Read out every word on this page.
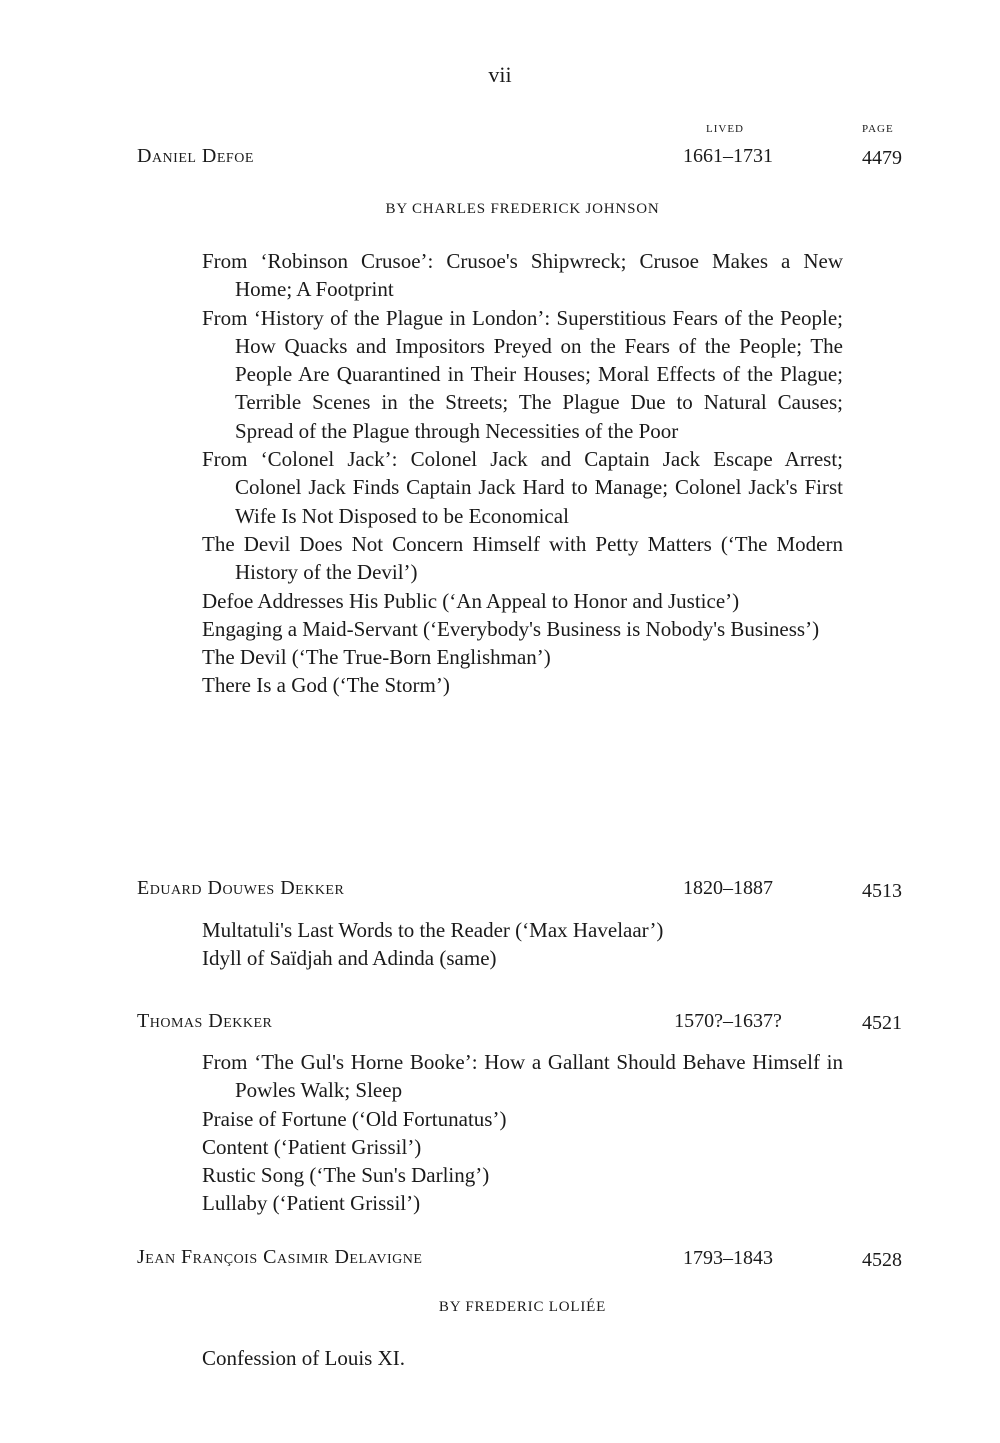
vii
LIVED	PAGE
Daniel Defoe	1661–1731	4479
BY CHARLES FREDERICK JOHNSON
From ‘Robinson Crusoe’: Crusoe's Shipwreck; Crusoe Makes a New Home; A Footprint
From ‘History of the Plague in London’: Superstitious Fears of the People; How Quacks and Impositors Preyed on the Fears of the People; The People Are Quarantined in Their Houses; Moral Effects of the Plague; Terrible Scenes in the Streets; The Plague Due to Natural Causes; Spread of the Plague through Necessities of the Poor
From ‘Colonel Jack’: Colonel Jack and Captain Jack Escape Arrest; Colonel Jack Finds Captain Jack Hard to Manage; Colonel Jack's First Wife Is Not Disposed to be Economical
The Devil Does Not Concern Himself with Petty Matters (‘The Modern History of the Devil’)
Defoe Addresses His Public (‘An Appeal to Honor and Justice’)
Engaging a Maid-Servant (‘Everybody's Business is Nobody's Business’)
The Devil (‘The True-Born Englishman’)
There Is a God (‘The Storm’)
Eduard Douwes Dekker	1820–1887	4513
Multatuli's Last Words to the Reader (‘Max Havelaar’)
Idyll of Saïdjah and Adinda (same)
Thomas Dekker	1570?–1637?	4521
From ‘The Gul's Horne Booke’: How a Gallant Should Behave Himself in Powles Walk; Sleep
Praise of Fortune (‘Old Fortunatus’)
Content (‘Patient Grissil’)
Rustic Song (‘The Sun's Darling’)
Lullaby (‘Patient Grissil’)
Jean François Casimir Delavigne	1793–1843	4528
BY FREDERIC LOLIÉE
Confession of Louis XI.
